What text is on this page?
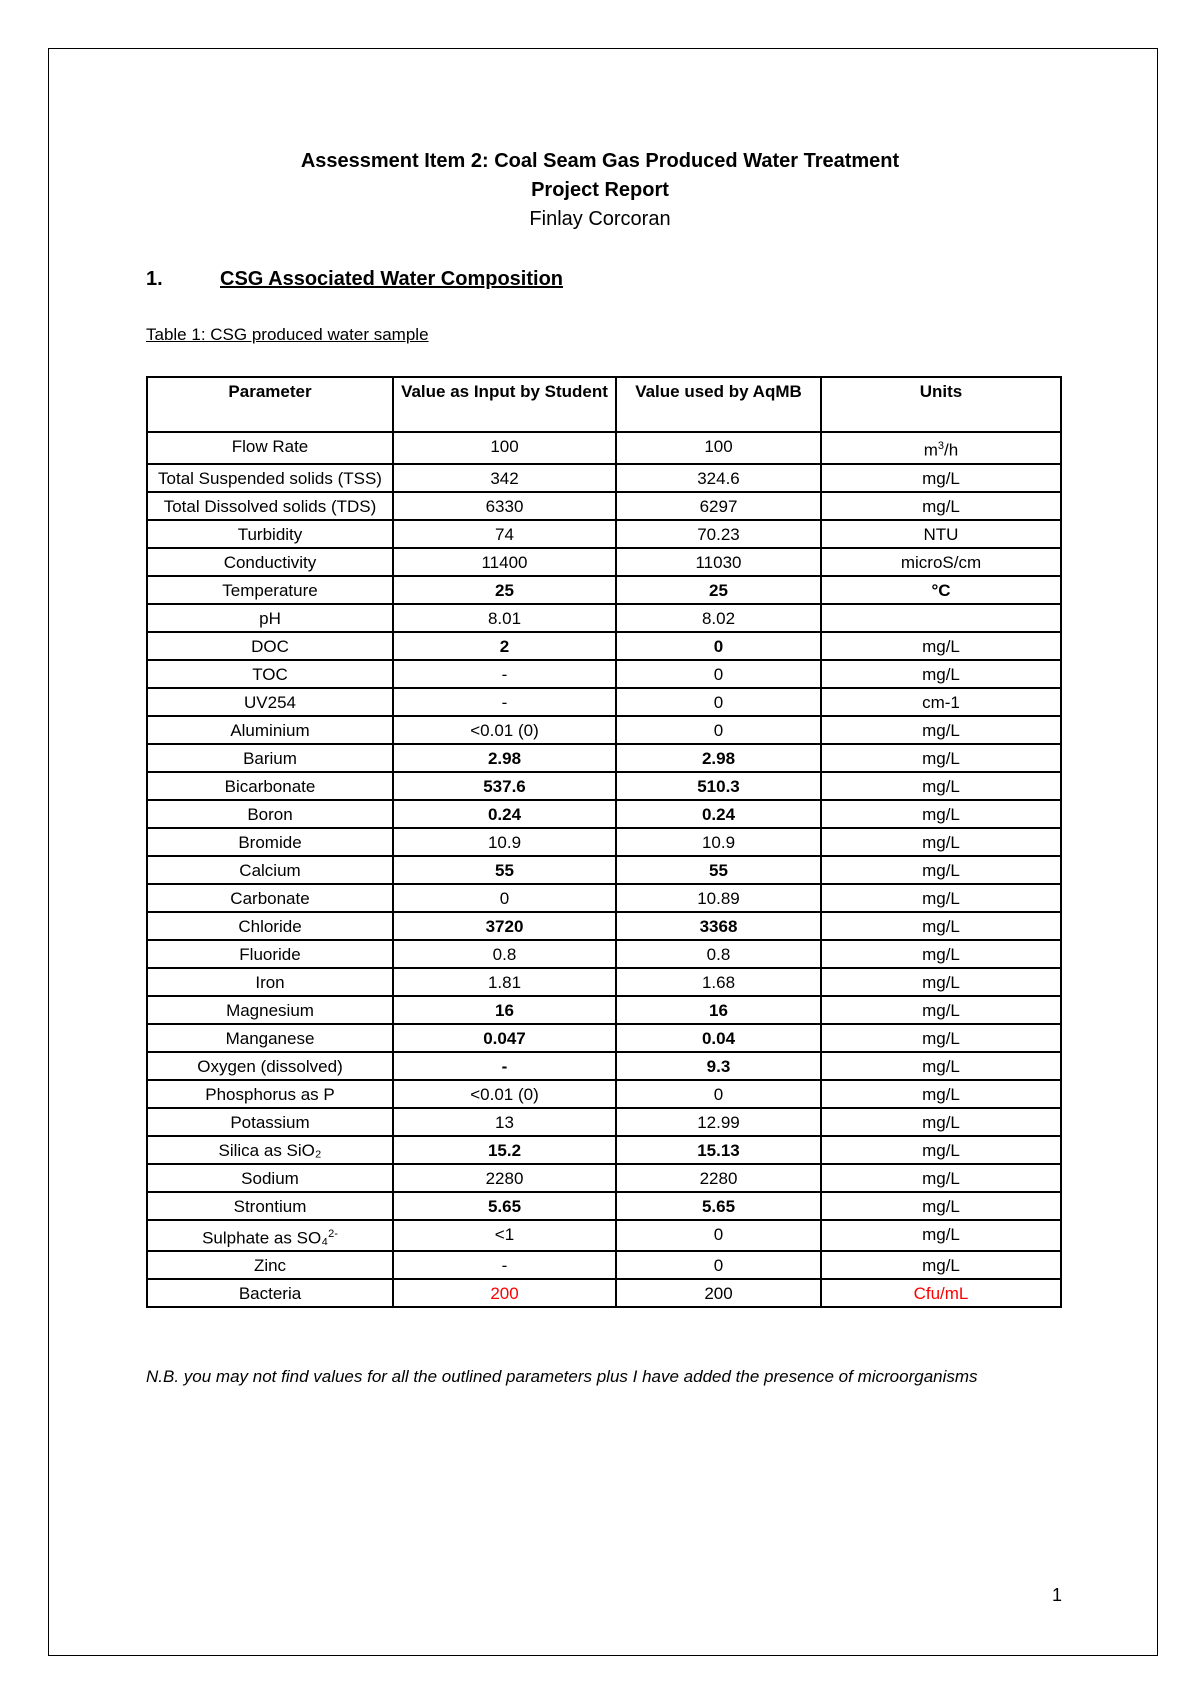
Assessment Item 2: Coal Seam Gas Produced Water Treatment
Project Report
Finlay Corcoran
1.	CSG Associated Water Composition
Table 1: CSG produced water sample
Parameter	Value as Input by Student	Value used by AqMB	Units
Flow Rate	100	100	$m^3/h$
Total Suspended solids (TSS)	342	324.6	mg/L
Total Dissolved solids (TDS)	6330	6297	mg/L
Turbidity	74	70.23	NTU
Conductivity	11400	11030	microS/cm
Temperature	25	25	°C
pH	8.01	8.02	
DOC	2	0	mg/L
TOC	-	0	mg/L
UV254	-	0	cm-1
Aluminium	<0.01 (0)	0	mg/L
Barium	2.98	2.98	mg/L
Bicarbonate	537.6	510.3	mg/L
Boron	0.24	0.24	mg/L
Bromide	10.9	10.9	mg/L
Calcium	55	55	mg/L
Carbonate	0	10.89	mg/L
Chloride	3720	3368	mg/L
Fluoride	0.8	0.8	mg/L
Iron	1.81	1.68	mg/L
Magnesium	16	16	mg/L
Manganese	0.047	0.04	mg/L
Oxygen (dissolved)	-	9.3	mg/L
Phosphorus as P	<0.01 (0)	0	mg/L
Potassium	13	12.99	mg/L
Silica as SiO₂	15.2	15.13	mg/L
Sodium	2280	2280	mg/L
Strontium	5.65	5.65	mg/L
Sulphate as SO₄$^{2-}$	<1	0	mg/L
Zinc	-	0	mg/L
Bacteria	200	200	Cfu/mL
N.B. you may not find values for all the outlined parameters plus I have added the presence of microorganisms
1
